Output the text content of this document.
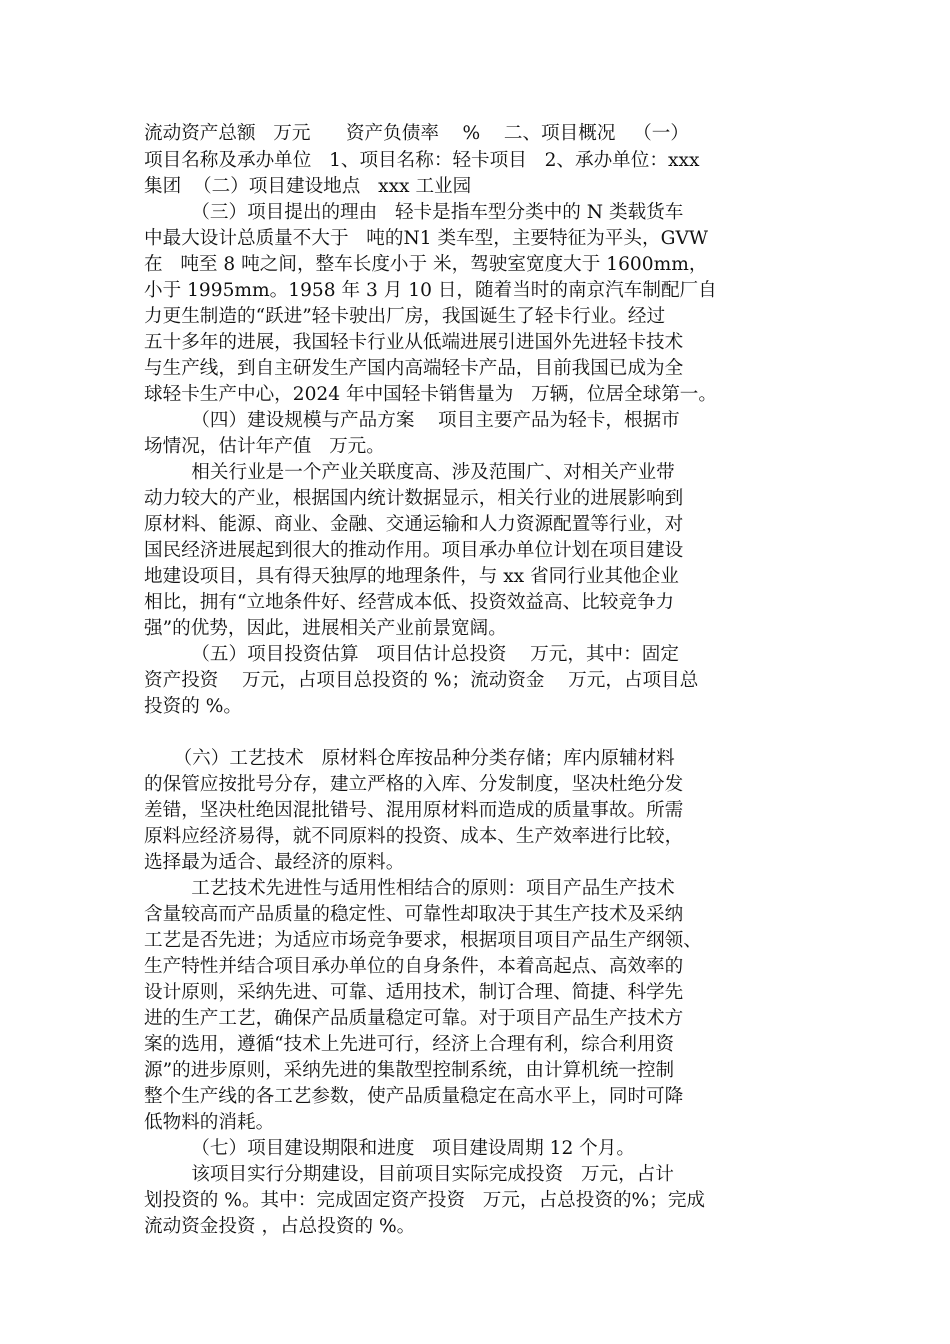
流动资产总额   万元      资产负债率    %    二、项目概况   （一）
项目名称及承办单位   1、项目名称：轻卡项目   2、承办单位：xxx
集团  （二）项目建设地点   xxx 工业园
（三）项目提出的理由   轻卡是指车型分类中的 N 类载货车
中最大设计总质量不大于   吨的N1 类车型，主要特征为平头，GVW
在   吨至 8 吨之间，整车长度小于 米，驾驶室宽度大于 1600mm，
小于 1995mm。1958 年 3 月 10 日，随着当时的南京汽车制配厂自
力更生制造的“跃进”轻卡驶出厂房，我国诞生了轻卡行业。经过
五十多年的进展，我国轻卡行业从低端进展引进国外先进轻卡技术
与生产线，到自主研发生产国内高端轻卡产品，目前我国已成为全
球轻卡生产中心，2024 年中国轻卡销售量为   万辆，位居全球第一。
（四）建设规模与产品方案    项目主要产品为轻卡，根据市
场情况，估计年产值   万元。
相关行业是一个产业关联度高、涉及范围广、对相关产业带
动力较大的产业，根据国内统计数据显示，相关行业的进展影响到
原材料、能源、商业、金融、交通运输和人力资源配置等行业，对
国民经济进展起到很大的推动作用。项目承办单位计划在项目建设
地建设项目，具有得天独厚的地理条件，与 xx 省同行业其他企业
相比，拥有“立地条件好、经营成本低、投资效益高、比较竞争力
强”的优势，因此，进展相关产业前景宽阔。
（五）项目投资估算   项目估计总投资    万元，其中：固定
资产投资    万元，占项目总投资的 %；流动资金    万元，占项目总
投资的 %。
（六）工艺技术   原材料仓库按品种分类存储；库内原辅材料
的保管应按批号分存，建立严格的入库、分发制度，坚决杜绝分发
差错，坚决杜绝因混批错号、混用原材料而造成的质量事故。所需
原料应经济易得，就不同原料的投资、成本、生产效率进行比较，
选择最为适合、最经济的原料。
工艺技术先进性与适用性相结合的原则：项目产品生产技术
含量较高而产品质量的稳定性、可靠性却取决于其生产技术及采纳
工艺是否先进；为适应市场竞争要求，根据项目项目产品生产纲领、
生产特性并结合项目承办单位的自身条件，本着高起点、高效率的
设计原则，采纳先进、可靠、适用技术，制订合理、简捷、科学先
进的生产工艺，确保产品质量稳定可靠。对于项目产品生产技术方
案的选用，遵循“技术上先进可行，经济上合理有利，综合利用资
源”的进步原则，采纳先进的集散型控制系统，由计算机统一控制
整个生产线的各工艺参数，使产品质量稳定在高水平上，同时可降
低物料的消耗。
（七）项目建设期限和进度   项目建设周期 12 个月。
该项目实行分期建设，目前项目实际完成投资   万元，占计
划投资的 %。其中：完成固定资产投资   万元，占总投资的%；完成
流动资金投资 ，占总投资的 %。
